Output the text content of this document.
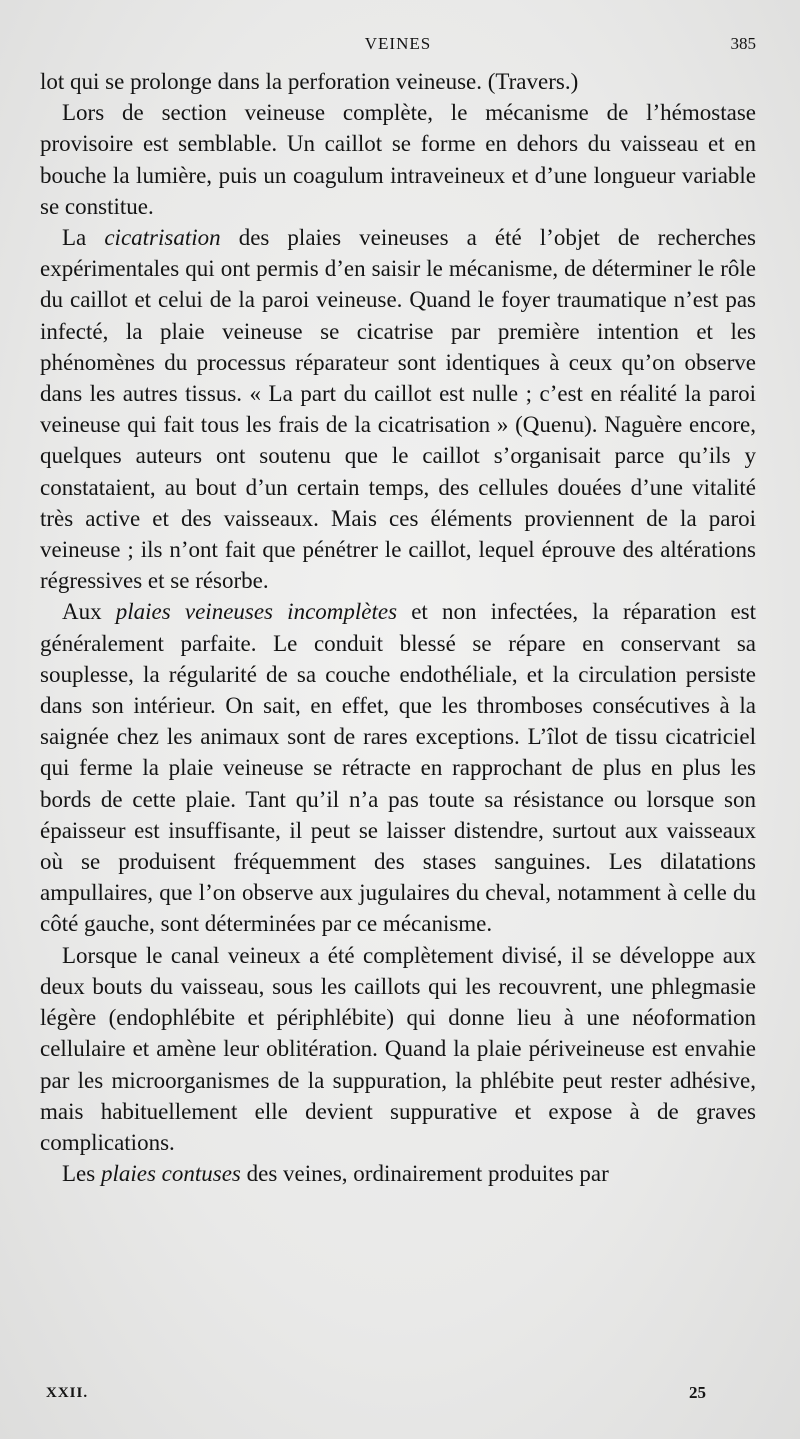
VEINES	385

lot qui se prolonge dans la perforation veineuse. (Travers.)

Lors de section veineuse complète, le mécanisme de l’hémostase provisoire est semblable. Un caillot se forme en dehors du vaisseau et en bouche la lumière, puis un coagulum intraveineux et d’une longueur variable se constitue.

La cicatrisation des plaies veineuses a été l’objet de recherches expérimentales qui ont permis d’en saisir le mécanisme, de déterminer le rôle du caillot et celui de la paroi veineuse. Quand le foyer traumatique n’est pas infecté, la plaie veineuse se cicatrise par première intention et les phénomènes du processus réparateur sont identiques à ceux qu’on observe dans les autres tissus. « La part du caillot est nulle ; c’est en réalité la paroi veineuse qui fait tous les frais de la cicatrisation » (Quenu). Naguère encore, quelques auteurs ont soutenu que le caillot s’organisait parce qu’ils y constataient, au bout d’un certain temps, des cellules douées d’une vitalité très active et des vaisseaux. Mais ces éléments proviennent de la paroi veineuse ; ils n’ont fait que pénétrer le caillot, lequel éprouve des altérations régressives et se résorbe.

Aux plaies veineuses incomplètes et non infectées, la réparation est généralement parfaite. Le conduit blessé se répare en conservant sa souplesse, la régularité de sa couche endothéliale, et la circulation persiste dans son intérieur. On sait, en effet, que les thromboses consécutives à la saignée chez les animaux sont de rares exceptions. L’îlot de tissu cicatriciel qui ferme la plaie veineuse se rétracte en rapprochant de plus en plus les bords de cette plaie. Tant qu’il n’a pas toute sa résistance ou lorsque son épaisseur est insuffisante, il peut se laisser distendre, surtout aux vaisseaux où se produisent fréquemment des stases sanguines. Les dilatations ampullaires, que l’on observe aux jugulaires du cheval, notamment à celle du côté gauche, sont déterminées par ce mécanisme.

Lorsque le canal veineux a été complètement divisé, il se développe aux deux bouts du vaisseau, sous les caillots qui les recouvrent, une phlegmasie légère (endophlébite et périphlébite) qui donne lieu à une néoformation cellulaire et amène leur oblitération. Quand la plaie périveineuse est envahie par les microorganismes de la suppuration, la phlébite peut rester adhésive, mais habituellement elle devient suppurative et expose à de graves complications.

Les plaies contuses des veines, ordinairement produites par

XXII.	25
